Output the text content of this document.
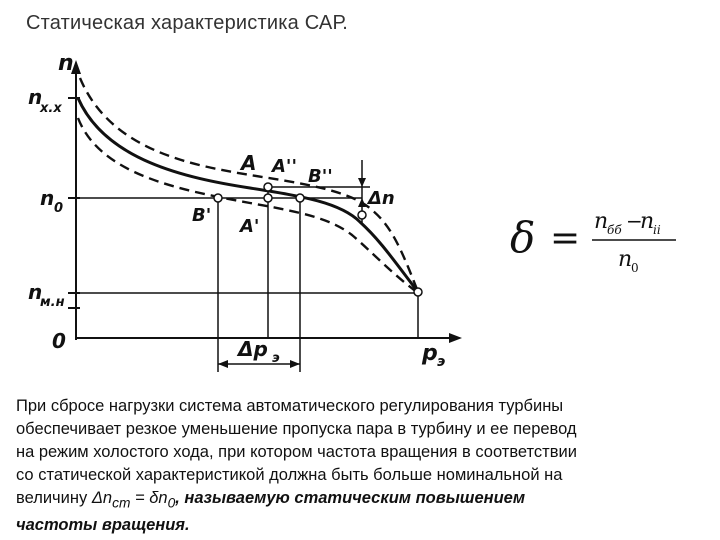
Статическая характеристика САР.
n
p э
0
n
х.х
n 0
n
м.н
A A'' B''
A'
B'
Δn
Δp э
δ = n
бб −
n
ii
n
0
При сбросе нагрузки система автоматического регулирования турбины
обеспечивает резкое уменьшение пропуска пара в турбину и ее перевод
на режим холостого хода, при котором частота вращения в соответствии
со статической характеристикой должна быть больше номинальной на
величину $\Delta n_{ст} = \delta n_0$, называемую статическим повышением
частоты вращения.
